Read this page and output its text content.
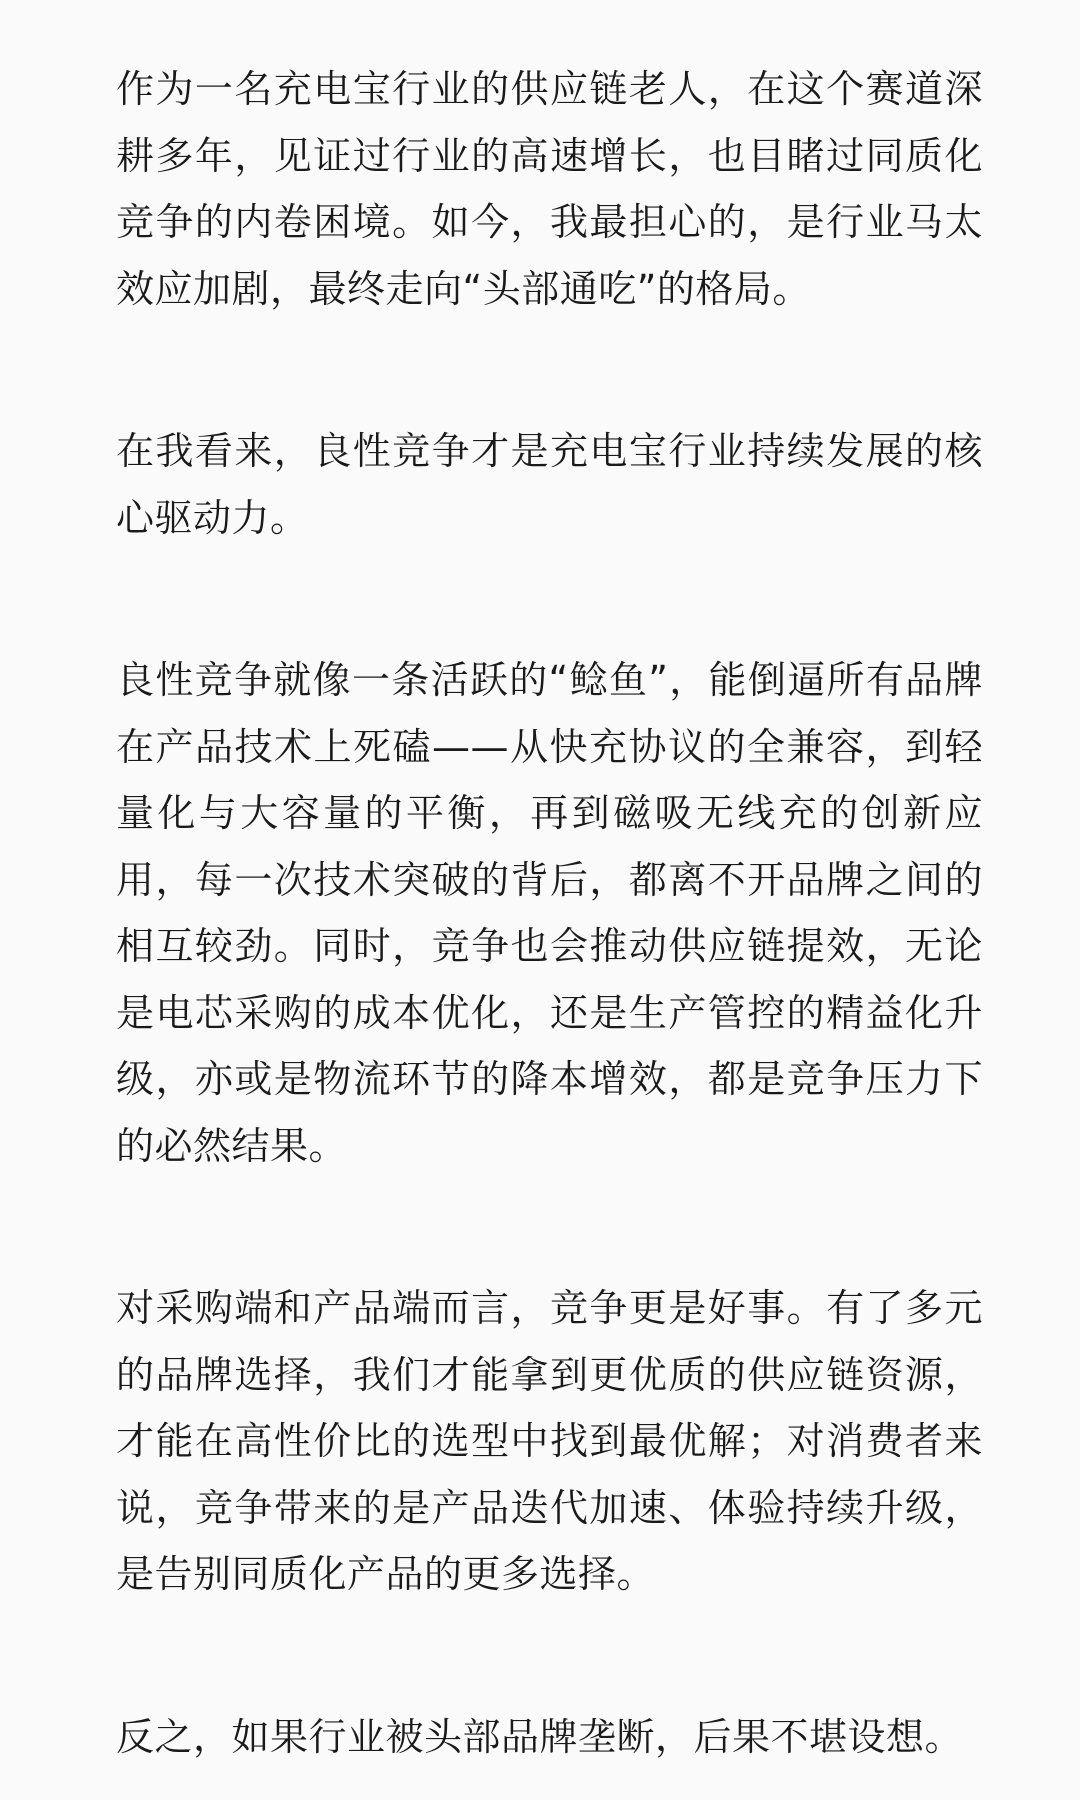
作为一名充电宝行业的供应链老人，在这个赛道深耕多年，见证过行业的高速增长，也目睹过同质化竞争的内卷困境。如今，我最担心的，是行业马太效应加剧，最终走向“头部通吃”的格局。

在我看来，良性竞争才是充电宝行业持续发展的核心驱动力。

良性竞争就像一条活跃的“鲶鱼”，能倒逼所有品牌在产品技术上死磕——从快充协议的全兼容，到轻量化与大容量的平衡，再到磁吸无线充的创新应用，每一次技术突破的背后，都离不开品牌之间的相互较劲。同时，竞争也会推动供应链提效，无论是电芯采购的成本优化，还是生产管控的精益化升级，亦或是物流环节的降本增效，都是竞争压力下的必然结果。

对采购端和产品端而言，竞争更是好事。有了多元的品牌选择，我们才能拿到更优质的供应链资源，才能在高性价比的选型中找到最优解；对消费者来说，竞争带来的是产品迭代加速、体验持续升级，是告别同质化产品的更多选择。

反之，如果行业被头部品牌垄断，后果不堪设想。
